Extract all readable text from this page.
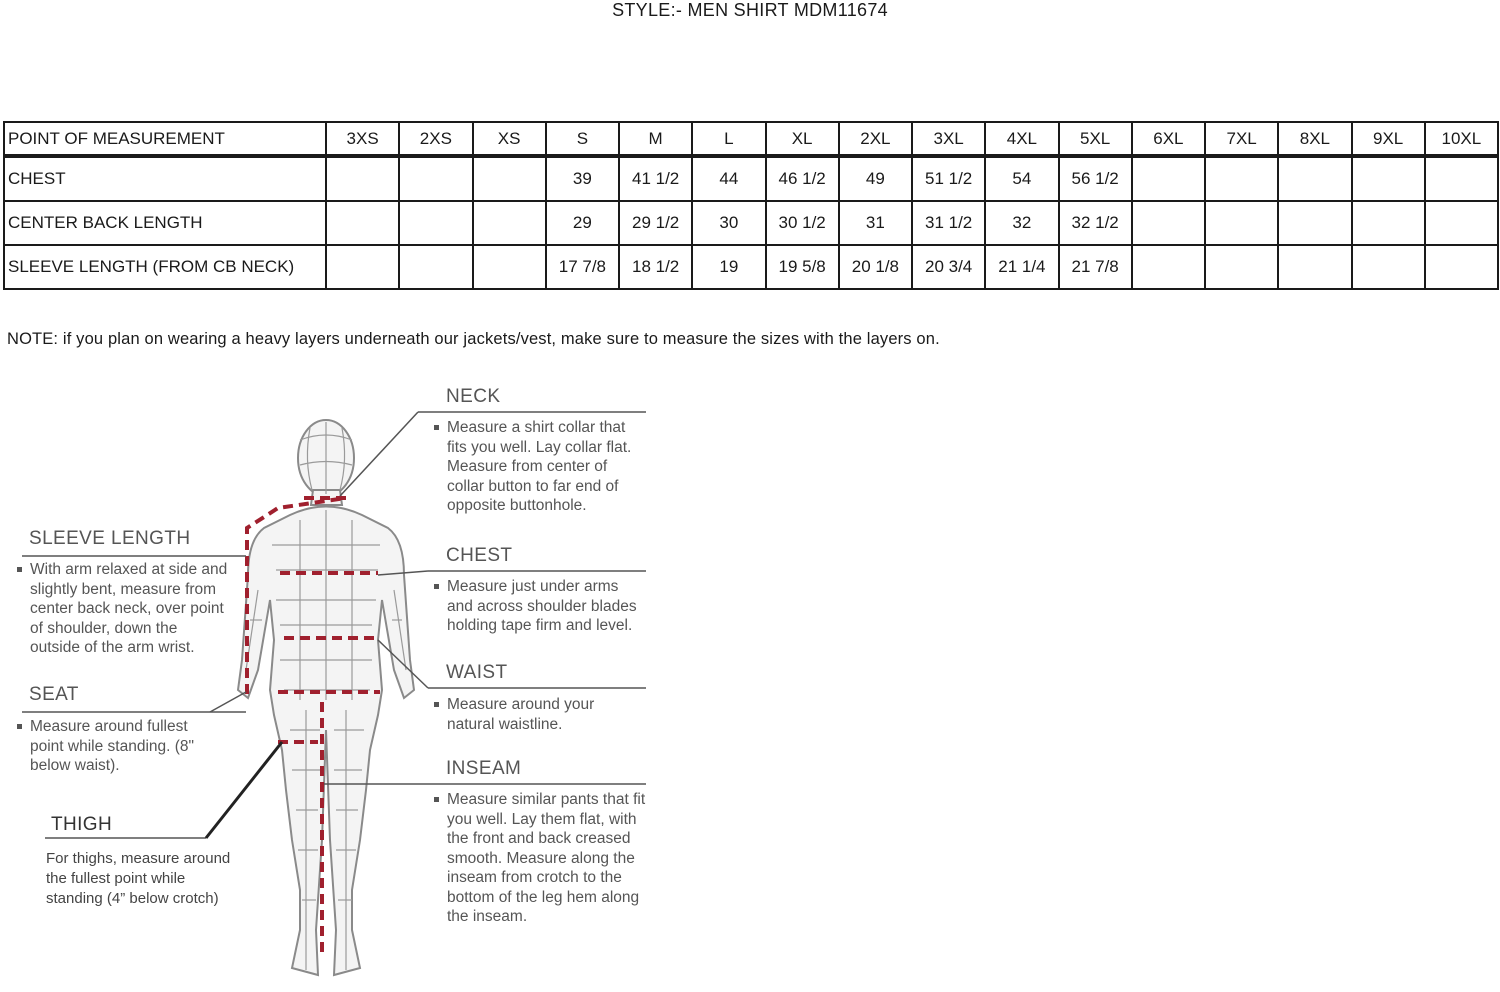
STYLE:- MEN SHIRT MDM11674
POINT OF MEASUREMENT	3XS	2XS	XS	S	M	L	XL	2XL	3XL	4XL	5XL	6XL	7XL	8XL	9XL	10XL
CHEST				39	41 1/2	44	46 1/2	49	51 1/2	54	56 1/2					
CENTER BACK LENGTH				29	29 1/2	30	30 1/2	31	31 1/2	32	32 1/2					
SLEEVE LENGTH (FROM CB NECK)				17 7/8	18 1/2	19	19 5/8	20 1/8	20 3/4	21 1/4	21 7/8					
NOTE: if you plan on wearing a heavy layers underneath our jackets/vest, make sure to measure the sizes with the layers on.
NECK
Measure a shirt collar that fits you well. Lay collar flat. Measure from center of collar button to far end of opposite buttonhole.
CHEST
Measure just under arms and across shoulder blades holding tape firm and level.
WAIST
Measure around your natural waistline.
INSEAM
Measure similar pants that fit you well. Lay them flat, with the front and back creased smooth. Measure along the inseam from crotch to the bottom of the leg hem along the inseam.
SLEEVE LENGTH
With arm relaxed at side and slightly bent, measure from center back neck, over point of shoulder, down the outside of the arm wrist.
SEAT
Measure around fullest point while standing. (8" below waist).
THIGH
For thighs, measure around the fullest point while standing (4” below crotch)
